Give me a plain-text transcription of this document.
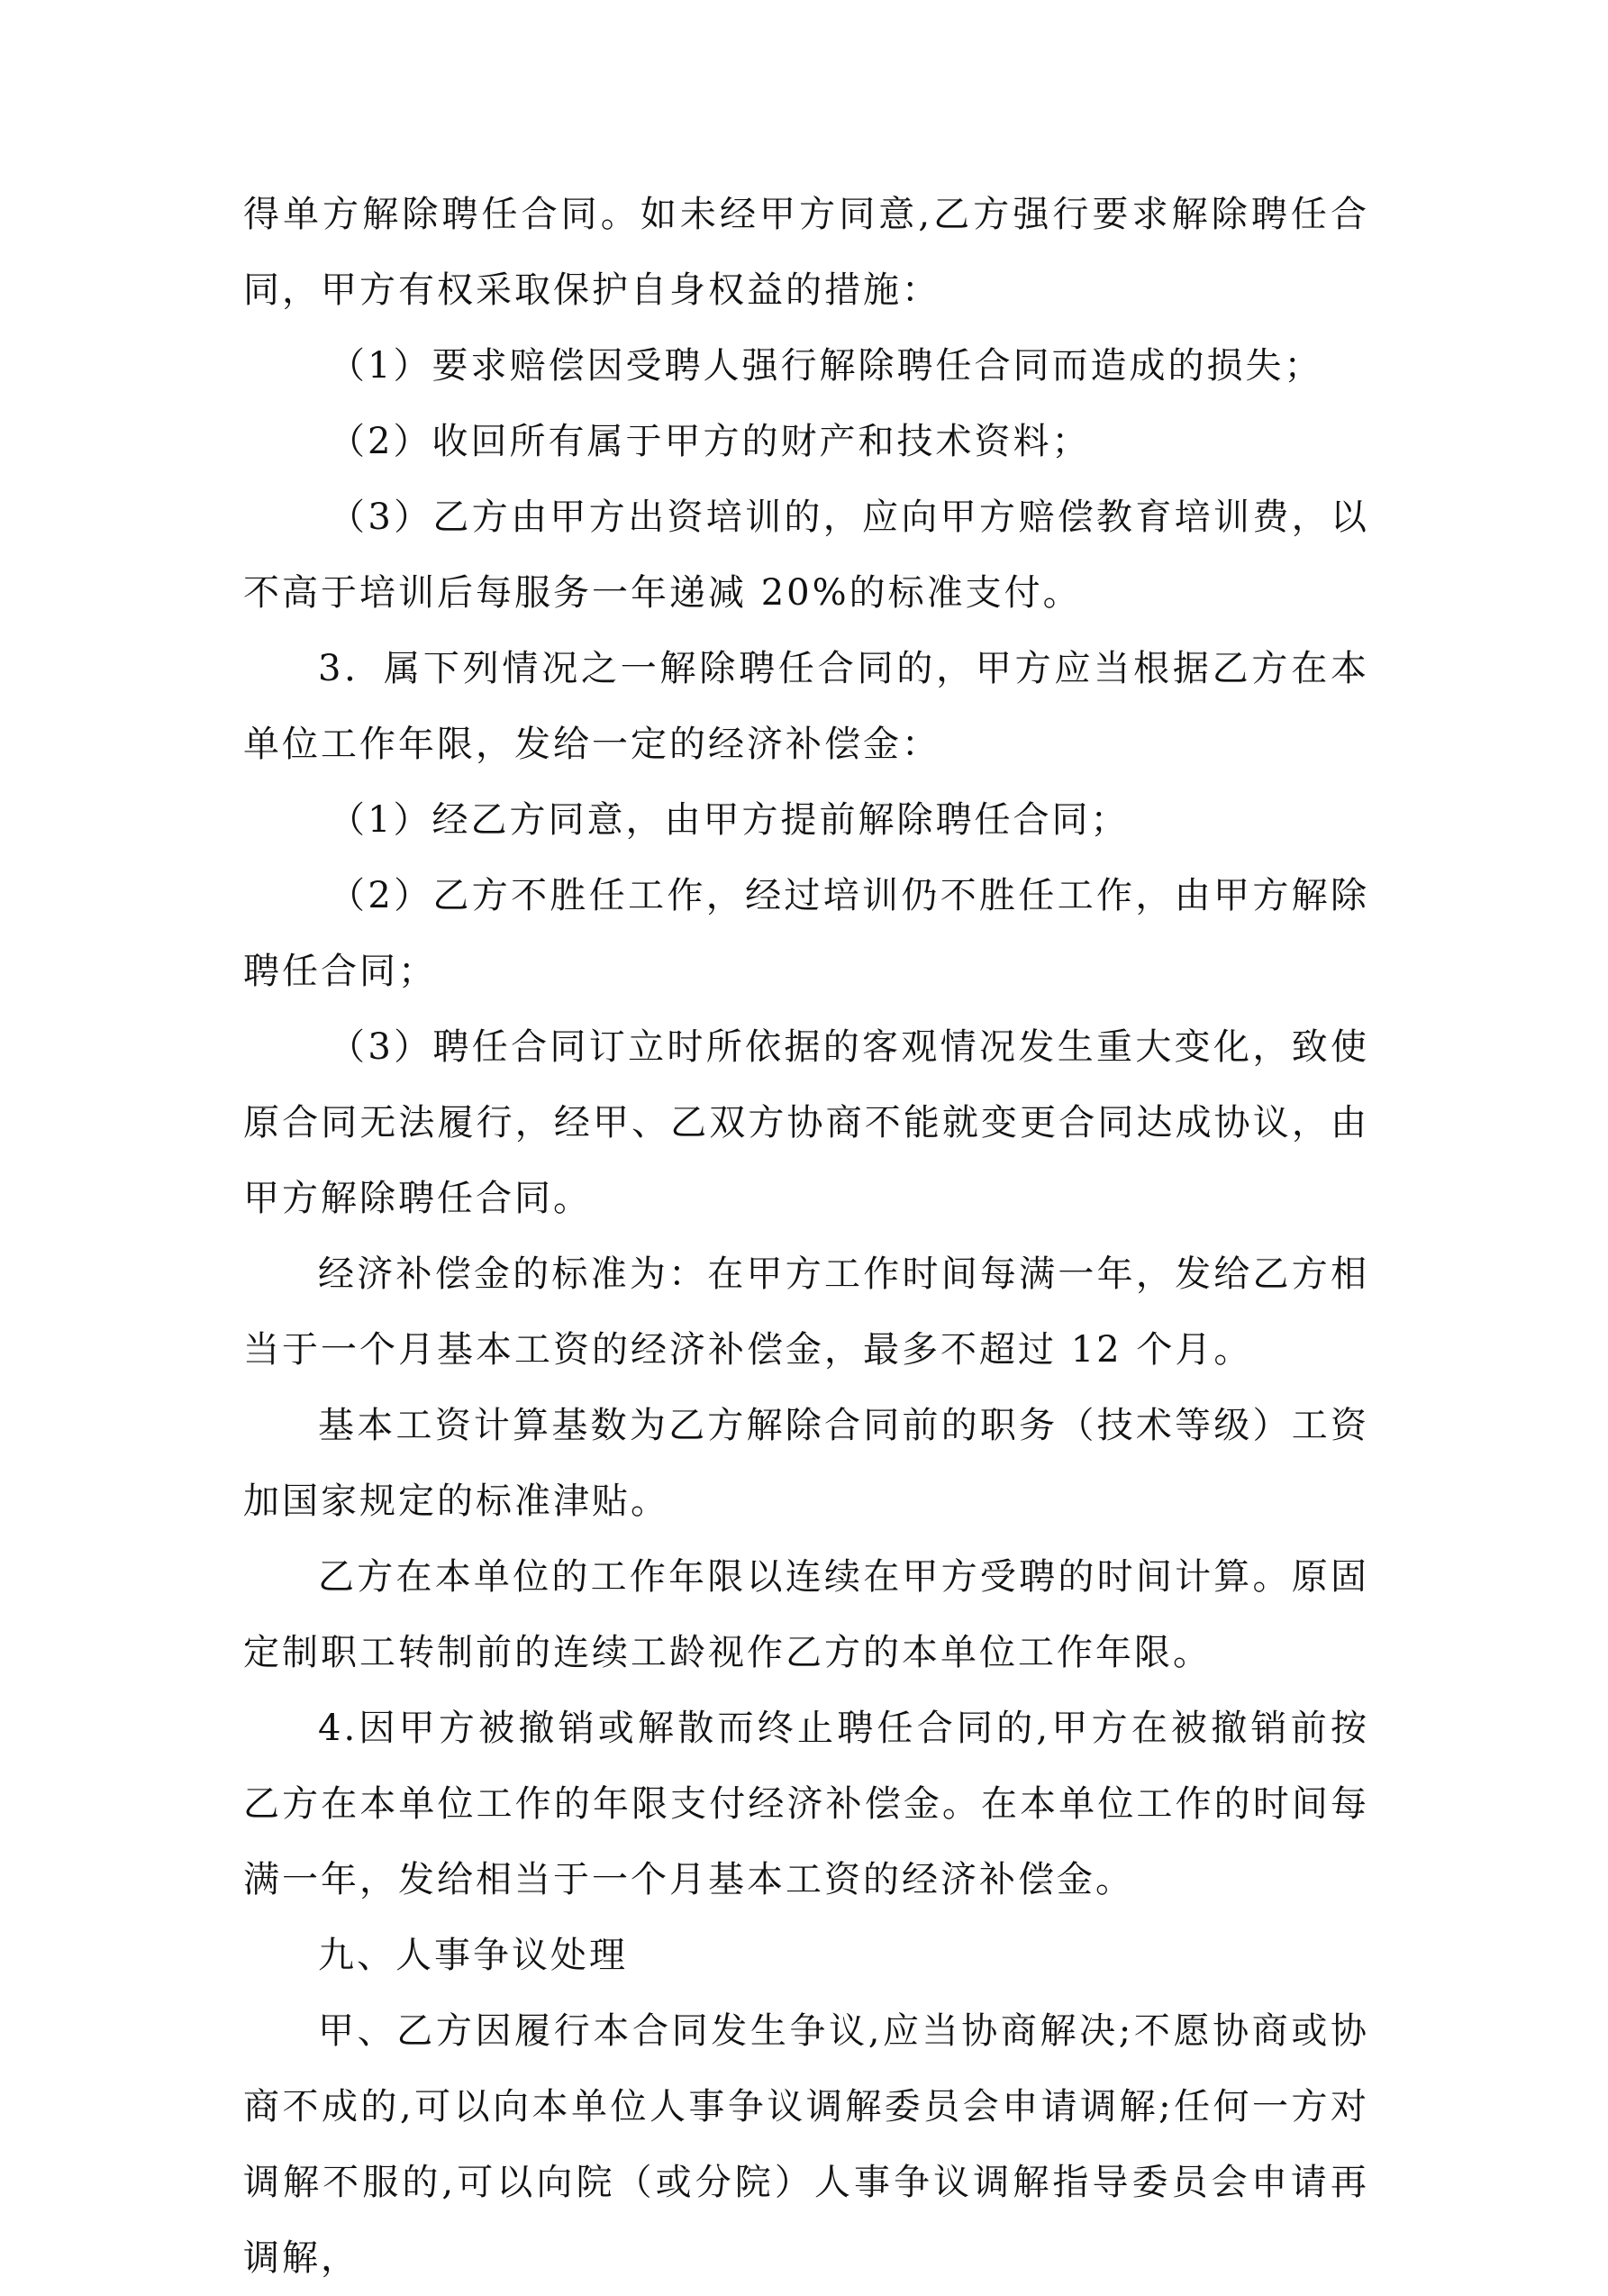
得单方解除聘任合同。如未经甲方同意,乙方强行要求解除聘任合同，甲方有权采取保护自身权益的措施：

（1）要求赔偿因受聘人强行解除聘任合同而造成的损失；

（2）收回所有属于甲方的财产和技术资料；

（3）乙方由甲方出资培训的，应向甲方赔偿教育培训费，以不高于培训后每服务一年递减 20%的标准支付。

3．属下列情况之一解除聘任合同的，甲方应当根据乙方在本单位工作年限，发给一定的经济补偿金：

（1）经乙方同意，由甲方提前解除聘任合同；

（2）乙方不胜任工作，经过培训仍不胜任工作，由甲方解除聘任合同；

（3）聘任合同订立时所依据的客观情况发生重大变化，致使原合同无法履行，经甲、乙双方协商不能就变更合同达成协议，由甲方解除聘任合同。

经济补偿金的标准为：在甲方工作时间每满一年，发给乙方相当于一个月基本工资的经济补偿金，最多不超过 12 个月。

基本工资计算基数为乙方解除合同前的职务（技术等级）工资加国家规定的标准津贴。

乙方在本单位的工作年限以连续在甲方受聘的时间计算。原固定制职工转制前的连续工龄视作乙方的本单位工作年限。

4.因甲方被撤销或解散而终止聘任合同的,甲方在被撤销前按乙方在本单位工作的年限支付经济补偿金。在本单位工作的时间每满一年，发给相当于一个月基本工资的经济补偿金。

九、人事争议处理

甲、乙方因履行本合同发生争议,应当协商解决;不愿协商或协商不成的,可以向本单位人事争议调解委员会申请调解;任何一方对调解不服的,可以向院（或分院）人事争议调解指导委员会申请再调解，
